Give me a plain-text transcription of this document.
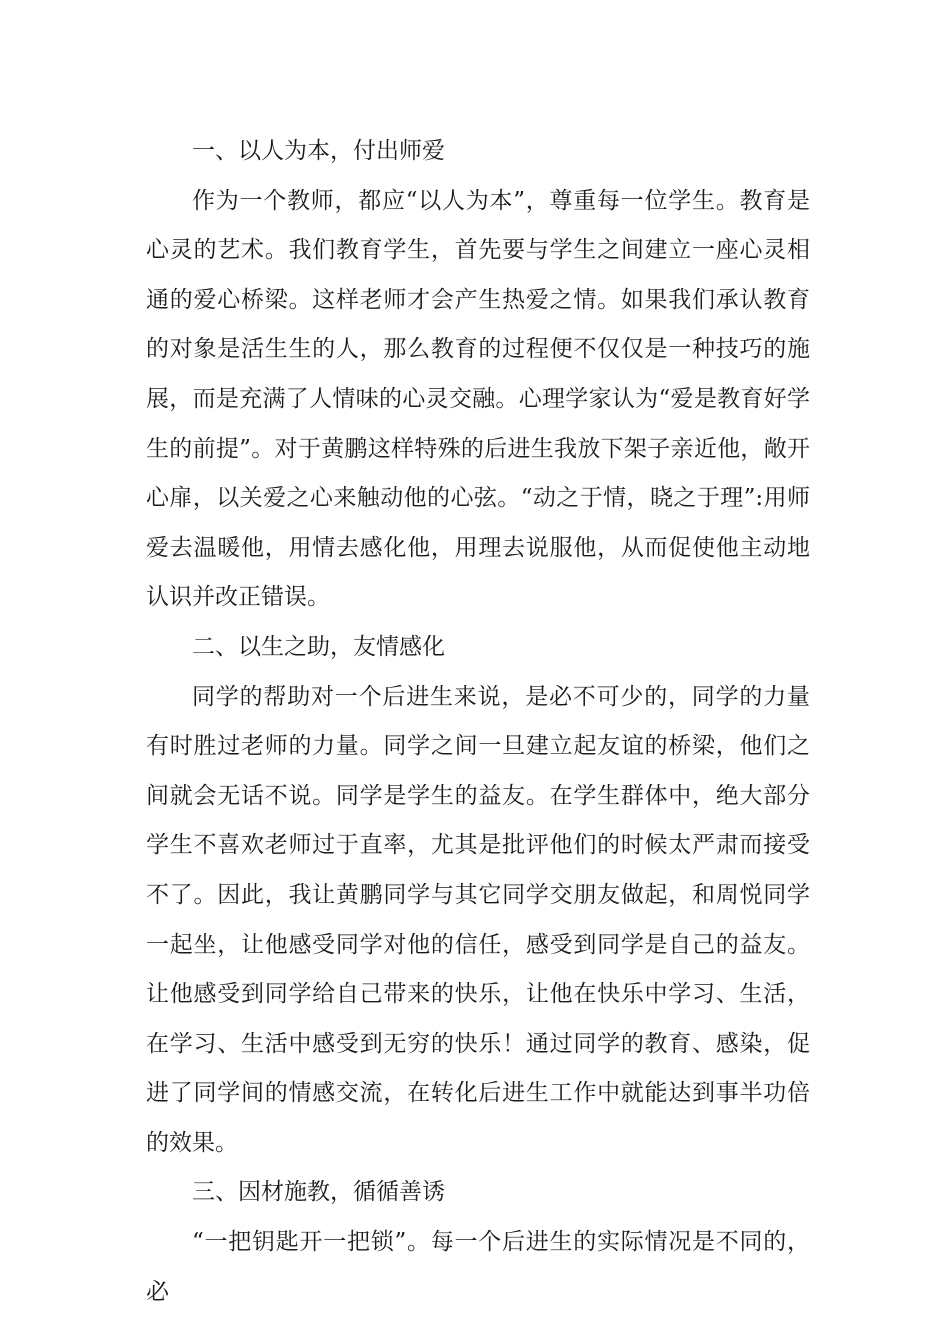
一、以人为本，付出师爱

作为一个教师，都应“以人为本”，尊重每一位学生。教育是心灵的艺术。我们教育学生，首先要与学生之间建立一座心灵相通的爱心桥梁。这样老师才会产生热爱之情。如果我们承认教育的对象是活生生的人，那么教育的过程便不仅仅是一种技巧的施展，而是充满了人情味的心灵交融。心理学家认为“爱是教育好学生的前提”。对于黄鹏这样特殊的后进生我放下架子亲近他，敞开心扉，以关爱之心来触动他的心弦。“动之于情，晓之于理”:用师爱去温暖他，用情去感化他，用理去说服他，从而促使他主动地认识并改正错误。

二、以生之助，友情感化

同学的帮助对一个后进生来说，是必不可少的，同学的力量有时胜过老师的力量。同学之间一旦建立起友谊的桥梁，他们之间就会无话不说。同学是学生的益友。在学生群体中，绝大部分学生不喜欢老师过于直率，尤其是批评他们的时候太严肃而接受不了。因此，我让黄鹏同学与其它同学交朋友做起，和周悦同学一起坐，让他感受同学对他的信任，感受到同学是自己的益友。让他感受到同学给自己带来的快乐，让他在快乐中学习、生活，在学习、生活中感受到无穷的快乐！通过同学的教育、感染，促进了同学间的情感交流，在转化后进生工作中就能达到事半功倍的效果。

三、因材施教，循循善诱

“一把钥匙开一把锁”。每一个后进生的实际情况是不同的，必
